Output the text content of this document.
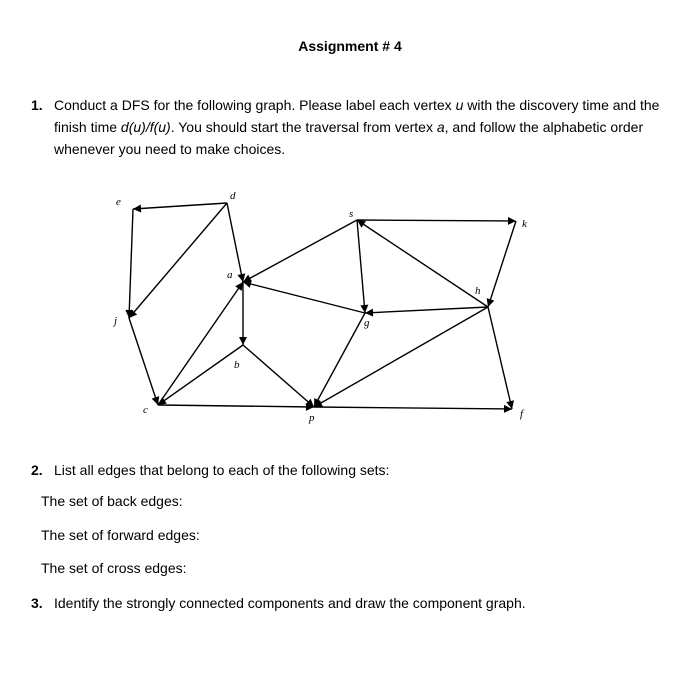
Assignment # 4
1. Conduct a DFS for the following graph. Please label each vertex u with the discovery time and the finish time d(u)/f(u). You should start the traversal from vertex a, and follow the alphabetic order whenever you need to make choices.
e	d
s
k
a
h
j	g
b
c
p	f
2. List all edges that belong to each of the following sets:

The set of back edges:

The set of forward edges:

The set of cross edges:

3. Identify the strongly connected components and draw the component graph.
